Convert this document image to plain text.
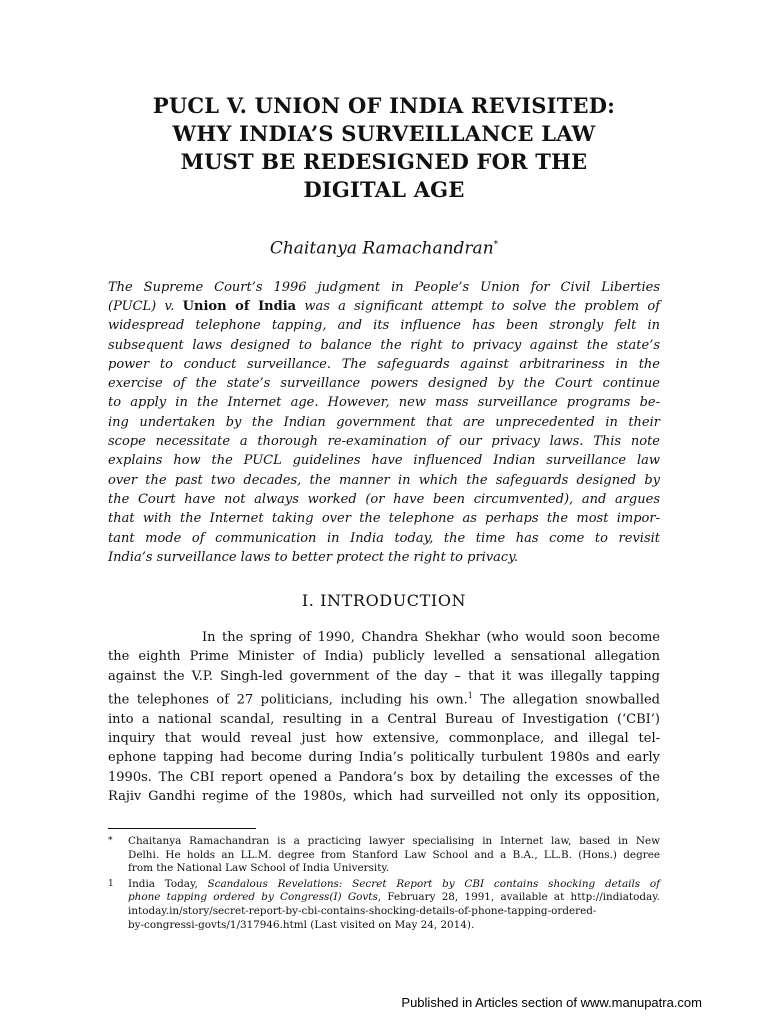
PUCL V. UNION OF INDIA REVISITED:
WHY INDIA’S SURVEILLANCE LAW
MUST BE REDESIGNED FOR THE
DIGITAL AGE
Chaitanya Ramachandran*
The Supreme Court’s 1996 judgment in People’s Union for Civil Liberties
(PUCL) v. Union of India was a significant attempt to solve the problem of
widespread telephone tapping, and its influence has been strongly felt in
subsequent laws designed to balance the right to privacy against the state’s
power to conduct surveillance. The safeguards against arbitrariness in the
exercise of the state’s surveillance powers designed by the Court continue
to apply in the Internet age. However, new mass surveillance programs be-
ing undertaken by the Indian government that are unprecedented in their
scope necessitate a thorough re-examination of our privacy laws. This note
explains how the PUCL guidelines have influenced Indian surveillance law
over the past two decades, the manner in which the safeguards designed by
the Court have not always worked (or have been circumvented), and argues
that with the Internet taking over the telephone as perhaps the most impor-
tant mode of communication in India today, the time has come to revisit
India’s surveillance laws to better protect the right to privacy.
I. INTRODUCTION
In the spring of 1990, Chandra Shekhar (who would soon become
the eighth Prime Minister of India) publicly levelled a sensational allegation
against the V.P. Singh-led government of the day – that it was illegally tapping
the telephones of 27 politicians, including his own.$^1$ The allegation snowballed
into a national scandal, resulting in a Central Bureau of Investigation (‘CBI’)
inquiry that would reveal just how extensive, commonplace, and illegal tel-
ephone tapping had become during India’s politically turbulent 1980s and early
1990s. The CBI report opened a Pandora’s box by detailing the excesses of the
Rajiv Gandhi regime of the 1980s, which had surveilled not only its opposition,
* Chaitanya Ramachandran is a practicing lawyer specialising in Internet law, based in New
Delhi. He holds an LL.M. degree from Stanford Law School and a B.A., LL.B. (Hons.) degree
from the National Law School of India University.
1 India Today, Scandalous Revelations: Secret Report by CBI contains shocking details of
phone tapping ordered by Congress(I) Govts, February 28, 1991, available at http://indiatoday.
intoday.in/story/secret-report-by-cbi-contains-shocking-details-of-phone-tapping-ordered-
by-congressi-govts/1/317946.html (Last visited on May 24, 2014).
Published in Articles section of www.manupatra.com
